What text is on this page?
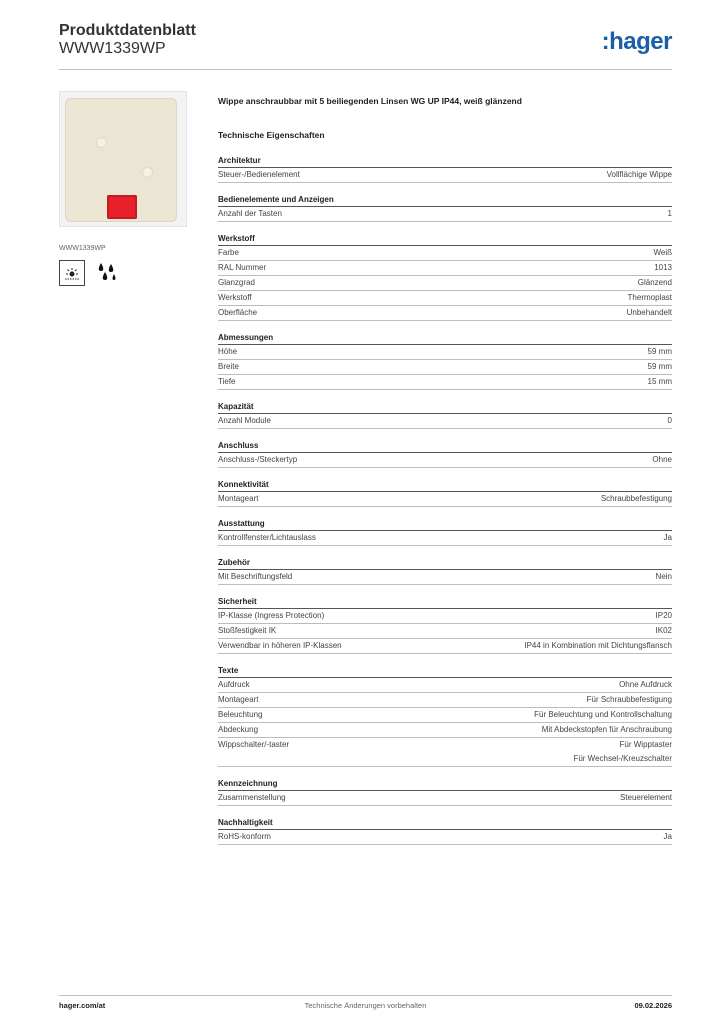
Produktdatenblatt
WWW1339WP	:hager
WWW1339WP

Wippe anschraubbar mit 5 beiliegenden Linsen WG UP IP44, weiß glänzend

Technische Eigenschaften
Architektur
Steuer-/Bedienelement	Vollflächige Wippe
Bedienelemente und Anzeigen
Anzahl der Tasten	1
Werkstoff
Farbe	Weiß
RAL Nummer	1013
Glanzgrad	Glänzend
Werkstoff	Thermoplast
Oberfläche	Unbehandelt
Abmessungen
Höhe	59 mm
Breite	59 mm
Tiefe	15 mm
Kapazität
Anzahl Module	0
Anschluss
Anschluss-/Steckertyp	Ohne
Konnektivität
Montageart	Schraubbefestigung
Ausstattung
Kontrollfenster/Lichtauslass	Ja
Zubehör
Mit Beschriftungsfeld	Nein
Sicherheit
IP-Klasse (Ingress Protection)	IP20
Stoßfestigkeit IK	IK02
Verwendbar in höheren IP-Klassen	IP44 in Kombination mit Dichtungsflansch
Texte
Aufdruck	Ohne Aufdruck
Montageart	Für Schraubbefestigung
Beleuchtung	Für Beleuchtung und Kontrollschaltung
Abdeckung	Mit Abdeckstopfen für Anschraubung
Wippschalter/-taster	Für Wipptaster
Für Wechsel-/Kreuzschalter
Kennzeichnung
Zusammenstellung	Steuerelement
Nachhaltigkeit
RoHS-konform	Ja
hager.com/at	Technische Änderungen vorbehalten	09.02.2026
